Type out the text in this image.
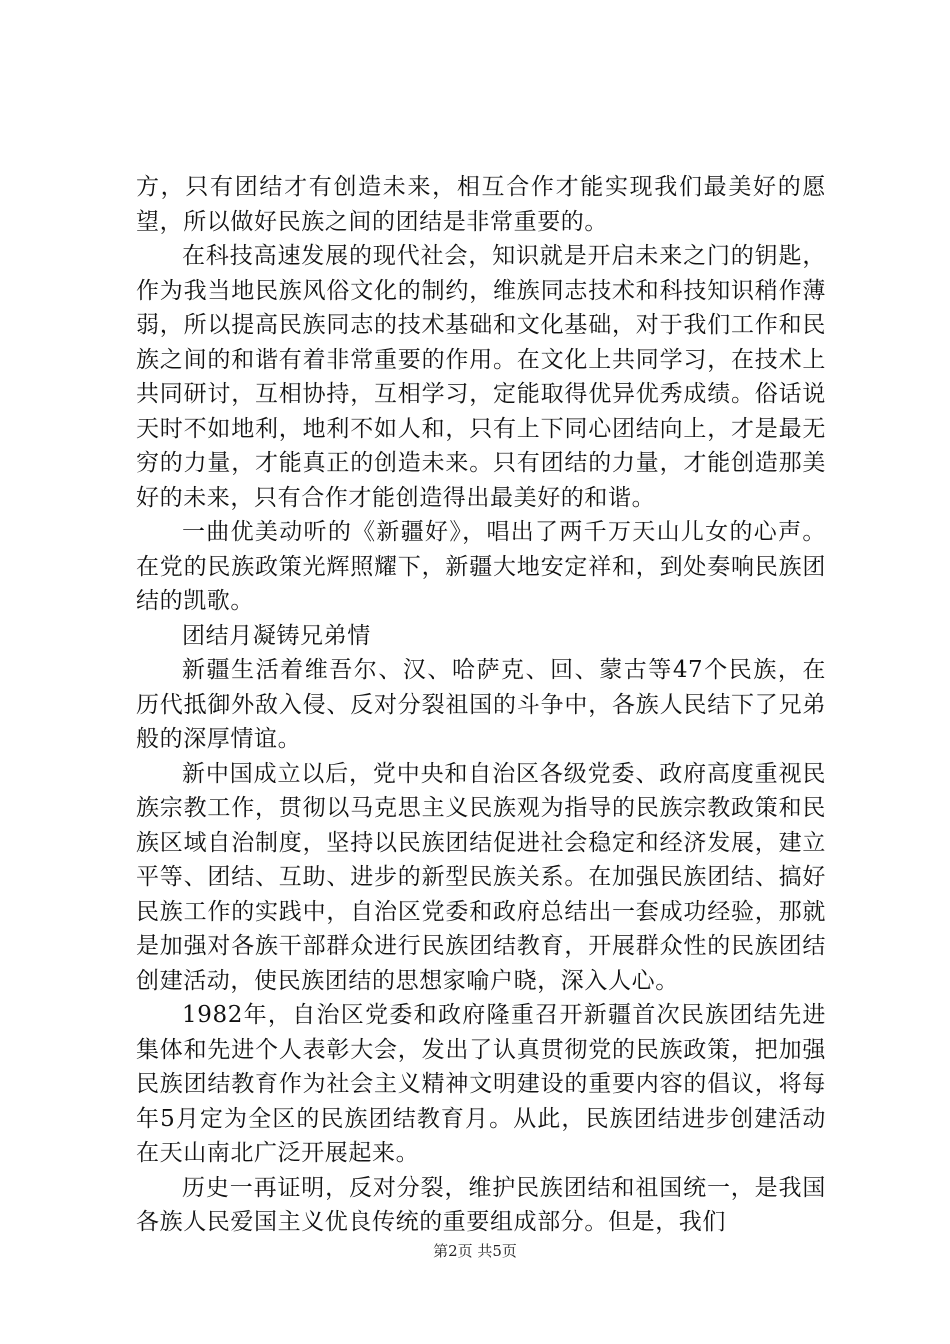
方，只有团结才有创造未来，相互合作才能实现我们最美好的愿望，所以做好民族之间的团结是非常重要的。

在科技高速发展的现代社会，知识就是开启未来之门的钥匙，作为我当地民族风俗文化的制约，维族同志技术和科技知识稍作薄弱，所以提高民族同志的技术基础和文化基础，对于我们工作和民族之间的和谐有着非常重要的作用。在文化上共同学习，在技术上共同研讨，互相协持，互相学习，定能取得优异优秀成绩。俗话说天时不如地利，地利不如人和，只有上下同心团结向上，才是最无穷的力量，才能真正的创造未来。只有团结的力量，才能创造那美好的未来，只有合作才能创造得出最美好的和谐。

一曲优美动听的《新疆好》，唱出了两千万天山儿女的心声。在党的民族政策光辉照耀下，新疆大地安定祥和，到处奏响民族团结的凯歌。

团结月凝铸兄弟情

新疆生活着维吾尔、汉、哈萨克、回、蒙古等47个民族，在历代抵御外敌入侵、反对分裂祖国的斗争中，各族人民结下了兄弟般的深厚情谊。

新中国成立以后，党中央和自治区各级党委、政府高度重视民族宗教工作，贯彻以马克思主义民族观为指导的民族宗教政策和民族区域自治制度，坚持以民族团结促进社会稳定和经济发展，建立平等、团结、互助、进步的新型民族关系。在加强民族团结、搞好民族工作的实践中，自治区党委和政府总结出一套成功经验，那就是加强对各族干部群众进行民族团结教育，开展群众性的民族团结创建活动，使民族团结的思想家喻户晓，深入人心。

1982年，自治区党委和政府隆重召开新疆首次民族团结先进集体和先进个人表彰大会，发出了认真贯彻党的民族政策，把加强民族团结教育作为社会主义精神文明建设的重要内容的倡议，将每年5月定为全区的民族团结教育月。从此，民族团结进步创建活动在天山南北广泛开展起来。

历史一再证明，反对分裂，维护民族团结和祖国统一，是我国各族人民爱国主义优良传统的重要组成部分。但是，我们

第2页 共5页
